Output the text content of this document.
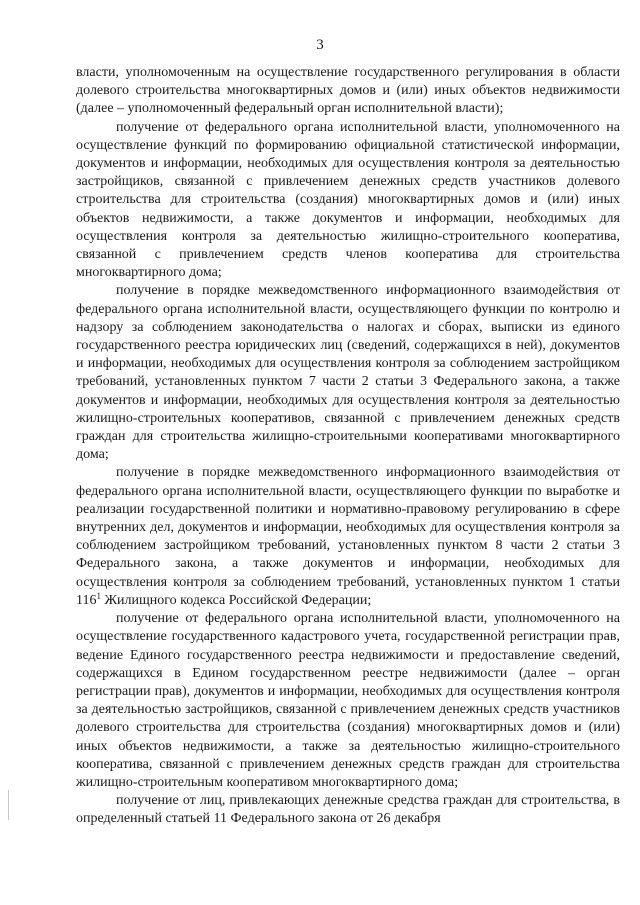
3

власти, уполномоченным на осуществление государственного регулирования в области долевого строительства многоквартирных домов и (или) иных объектов недвижимости (далее – уполномоченный федеральный орган исполнительной власти);

получение от федерального органа исполнительной власти, уполномоченного на осуществление функций по формированию официальной статистической информации, документов и информации, необходимых для осуществления контроля за деятельностью застройщиков, связанной с привлечением денежных средств участников долевого строительства для строительства (создания) многоквартирных домов и (или) иных объектов недвижимости, а также документов и информации, необходимых для осуществления контроля за деятельностью жилищно-строительного кооператива, связанной с привлечением средств членов кооператива для строительства многоквартирного дома;

получение в порядке межведомственного информационного взаимодействия от федерального органа исполнительной власти, осуществляющего функции по контролю и надзору за соблюдением законодательства о налогах и сборах, выписки из единого государственного реестра юридических лиц (сведений, содержащихся в ней), документов и информации, необходимых для осуществления контроля за соблюдением застройщиком требований, установленных пунктом 7 части 2 статьи 3 Федерального закона, а также документов и информации, необходимых для осуществления контроля за деятельностью жилищно-строительных кооперативов, связанной с привлечением денежных средств граждан для строительства жилищно-строительными кооперативами многоквартирного дома;

получение в порядке межведомственного информационного взаимодействия от федерального органа исполнительной власти, осуществляющего функции по выработке и реализации государственной политики и нормативно-правовому регулированию в сфере внутренних дел, документов и информации, необходимых для осуществления контроля за соблюдением застройщиком требований, установленных пунктом 8 части 2 статьи 3 Федерального закона, а также документов и информации, необходимых для осуществления контроля за соблюдением требований, установленных пунктом 1 статьи $116^1$ Жилищного кодекса Российской Федерации;

получение от федерального органа исполнительной власти, уполномоченного на осуществление государственного кадастрового учета, государственной регистрации прав, ведение Единого государственного реестра недвижимости и предоставление сведений, содержащихся в Едином государственном реестре недвижимости (далее – орган регистрации прав), документов и информации, необходимых для осуществления контроля за деятельностью застройщиков, связанной с привлечением денежных средств участников долевого строительства для строительства (создания) многоквартирных домов и (или) иных объектов недвижимости, а также за деятельностью жилищно-строительного кооператива, связанной с привлечением денежных средств граждан для строительства жилищно-строительным кооперативом многоквартирного дома;

получение от лиц, привлекающих денежные средства граждан для строительства, в определенный статьей 11 Федерального закона от 26 декабря
